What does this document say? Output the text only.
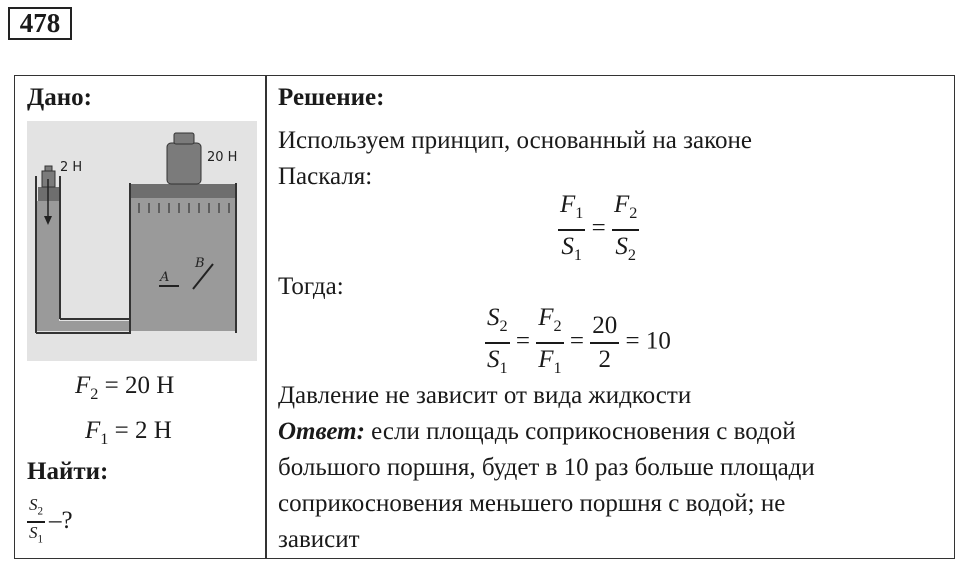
478
Дано:
2 Н
20 Н
A
B
$F_2 = 20$ Н
$F_1 = 2$ Н
Найти:
$\frac{S_2}{S_1}$ –?
Решение:
Используем принцип, основанный на законе
Паскаля:
$\frac{F_1}{S_1} = \frac{F_2}{S_2}$
Тогда:
$\frac{S_2}{S_1} = \frac{F_2}{F_1} = \frac{20}{2} = 10$
Давление не зависит от вида жидкости
Ответ: если площадь соприкосновения с водой
большого поршня, будет в 10 раз больше площади
соприкосновения меньшего поршня с водой; не
зависит
